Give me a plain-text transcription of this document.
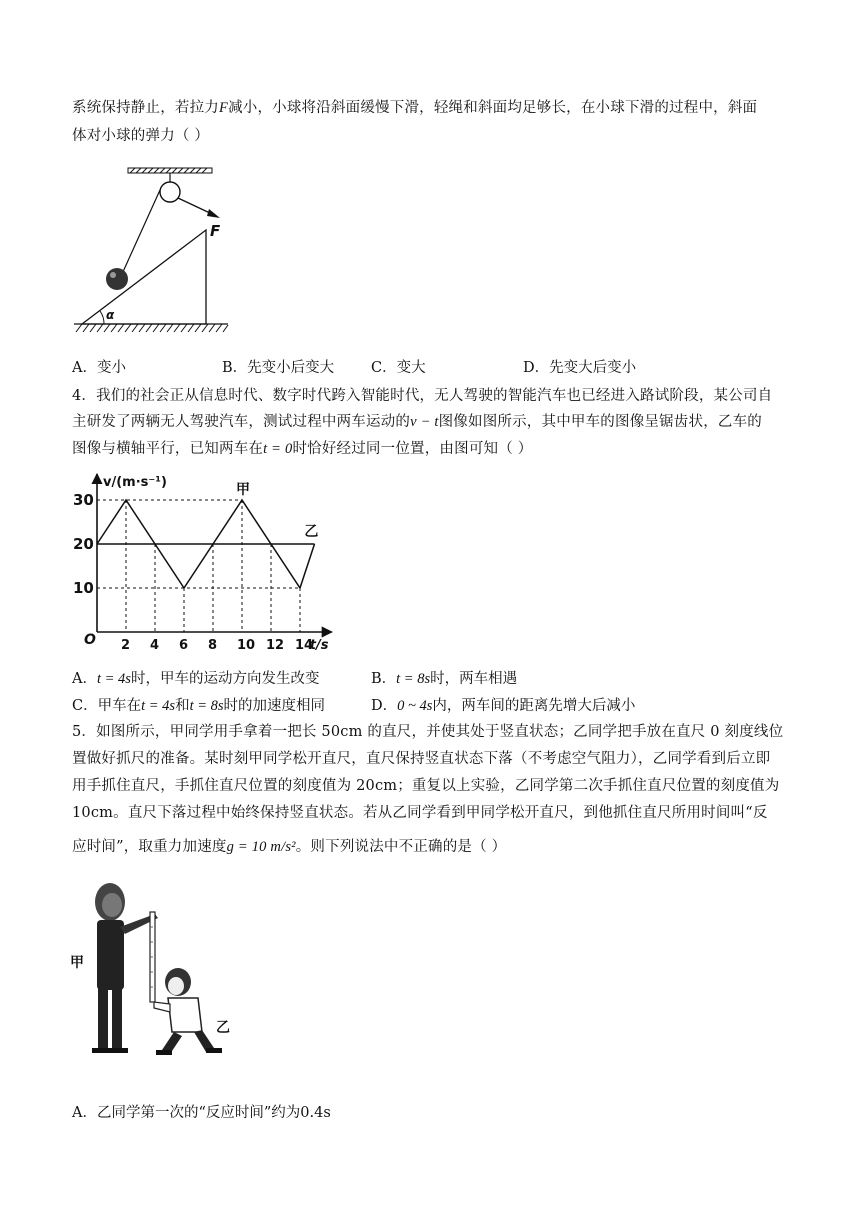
系统保持静止，若拉力F减小，小球将沿斜面缓慢下滑，轻绳和斜面均足够长，在小球下滑的过程中，斜面
体对小球的弹力（ ）
F
α
A．变小	B．先变小后变大	C．变大	D．先变大后变小
4．我们的社会正从信息时代、数字时代跨入智能时代，无人驾驶的智能汽车也已经进入路试阶段，某公司自
主研发了两辆无人驾驶汽车，测试过程中两车运动的v − t图像如图所示，其中甲车的图像呈锯齿状，乙车的
图像与横轴平行，已知两车在t = 0时恰好经过同一位置，由图可知（ ）
10
20
30
2 4 6 8 10 12 14
O
v/(m·s⁻¹)
t/s
甲
乙
A．t = 4s时，甲车的运动方向发生改变	B．t = 8s时，两车相遇
C．甲车在t = 4s和t = 8s时的加速度相同	D．0 ~ 4s内，两车间的距离先增大后减小
5．如图所示，甲同学用手拿着一把长 50cm 的直尺，并使其处于竖直状态；乙同学把手放在直尺 0 刻度线位
置做好抓尺的准备。某时刻甲同学松开直尺，直尺保持竖直状态下落（不考虑空气阻力），乙同学看到后立即
用手抓住直尺，手抓住直尺位置的刻度值为 20cm；重复以上实验，乙同学第二次手抓住直尺位置的刻度值为
10cm。直尺下落过程中始终保持竖直状态。若从乙同学看到甲同学松开直尺，到他抓住直尺所用时间叫“反
应时间”，取重力加速度g = 10 m/s²。则下列说法中不正确的是（ ）
甲
乙
A．乙同学第一次的“反应时间”约为0.4s
